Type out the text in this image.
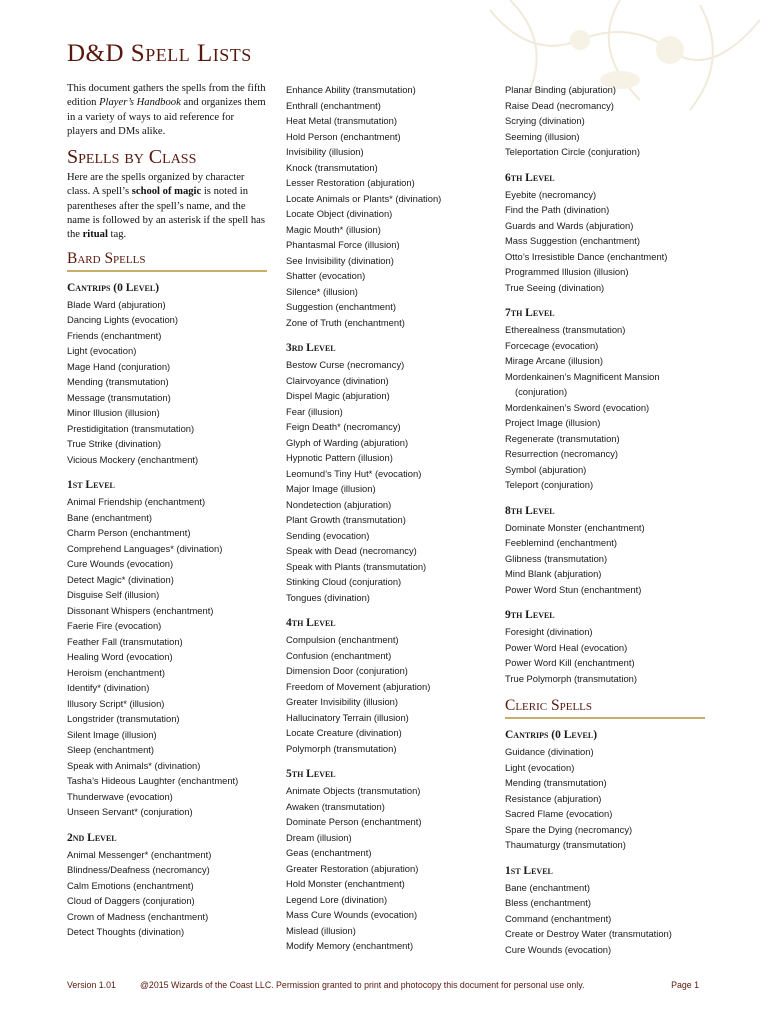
D&D Spell Lists

This document gathers the spells from the fifth edition Player’s Handbook and organizes them in a variety of ways to aid reference for players and DMs alike.

Spells by Class

Here are the spells organized by character class. A spell’s school of magic is noted in parentheses after the spell’s name, and the name is followed by an asterisk if the spell has the ritual tag.

Bard Spells
Cantrips (0 Level)
Blade Ward (abjuration)
Dancing Lights (evocation)
Friends (enchantment)
Light (evocation)
Mage Hand (conjuration)
Mending (transmutation)
Message (transmutation)
Minor Illusion (illusion)
Prestidigitation (transmutation)
True Strike (divination)
Vicious Mockery (enchantment)
1st Level
Animal Friendship (enchantment)
Bane (enchantment)
Charm Person (enchantment)
Comprehend Languages* (divination)
Cure Wounds (evocation)
Detect Magic* (divination)
Disguise Self (illusion)
Dissonant Whispers (enchantment)
Faerie Fire (evocation)
Feather Fall (transmutation)
Healing Word (evocation)
Heroism (enchantment)
Identify* (divination)
Illusory Script* (illusion)
Longstrider (transmutation)
Silent Image (illusion)
Sleep (enchantment)
Speak with Animals* (divination)
Tasha’s Hideous Laughter (enchantment)
Thunderwave (evocation)
Unseen Servant* (conjuration)
2nd Level
Animal Messenger* (enchantment)
Blindness/Deafness (necromancy)
Calm Emotions (enchantment)
Cloud of Daggers (conjuration)
Crown of Madness (enchantment)
Detect Thoughts (divination)
Enhance Ability (transmutation)
Enthrall (enchantment)
Heat Metal (transmutation)
Hold Person (enchantment)
Invisibility (illusion)
Knock (transmutation)
Lesser Restoration (abjuration)
Locate Animals or Plants* (divination)
Locate Object (divination)
Magic Mouth* (illusion)
Phantasmal Force (illusion)
See Invisibility (divination)
Shatter (evocation)
Silence* (illusion)
Suggestion (enchantment)
Zone of Truth (enchantment)
3rd Level
Bestow Curse (necromancy)
Clairvoyance (divination)
Dispel Magic (abjuration)
Fear (illusion)
Feign Death* (necromancy)
Glyph of Warding (abjuration)
Hypnotic Pattern (illusion)
Leomund’s Tiny Hut* (evocation)
Major Image (illusion)
Nondetection (abjuration)
Plant Growth (transmutation)
Sending (evocation)
Speak with Dead (necromancy)
Speak with Plants (transmutation)
Stinking Cloud (conjuration)
Tongues (divination)
4th Level
Compulsion (enchantment)
Confusion (enchantment)
Dimension Door (conjuration)
Freedom of Movement (abjuration)
Greater Invisibility (illusion)
Hallucinatory Terrain (illusion)
Locate Creature (divination)
Polymorph (transmutation)
5th Level
Animate Objects (transmutation)
Awaken (transmutation)
Dominate Person (enchantment)
Dream (illusion)
Geas (enchantment)
Greater Restoration (abjuration)
Hold Monster (enchantment)
Legend Lore (divination)
Mass Cure Wounds (evocation)
Mislead (illusion)
Modify Memory (enchantment)
Planar Binding (abjuration)
Raise Dead (necromancy)
Scrying (divination)
Seeming (illusion)
Teleportation Circle (conjuration)
6th Level
Eyebite (necromancy)
Find the Path (divination)
Guards and Wards (abjuration)
Mass Suggestion (enchantment)
Otto’s Irresistible Dance (enchantment)
Programmed Illusion (illusion)
True Seeing (divination)
7th Level
Etherealness (transmutation)
Forcecage (evocation)
Mirage Arcane (illusion)
Mordenkainen’s Magnificent Mansion
(conjuration)
Mordenkainen’s Sword (evocation)
Project Image (illusion)
Regenerate (transmutation)
Resurrection (necromancy)
Symbol (abjuration)
Teleport (conjuration)
8th Level
Dominate Monster (enchantment)
Feeblemind (enchantment)
Glibness (transmutation)
Mind Blank (abjuration)
Power Word Stun (enchantment)
9th Level
Foresight (divination)
Power Word Heal (evocation)
Power Word Kill (enchantment)
True Polymorph (transmutation)
Cleric Spells
Cantrips (0 Level)
Guidance (divination)
Light (evocation)
Mending (transmutation)
Resistance (abjuration)
Sacred Flame (evocation)
Spare the Dying (necromancy)
Thaumaturgy (transmutation)
1st Level
Bane (enchantment)
Bless (enchantment)
Command (enchantment)
Create or Destroy Water (transmutation)
Cure Wounds (evocation)
Version 1.01	@2015 Wizards of the Coast LLC. Permission granted to print and photocopy this document for personal use only.	Page 1
